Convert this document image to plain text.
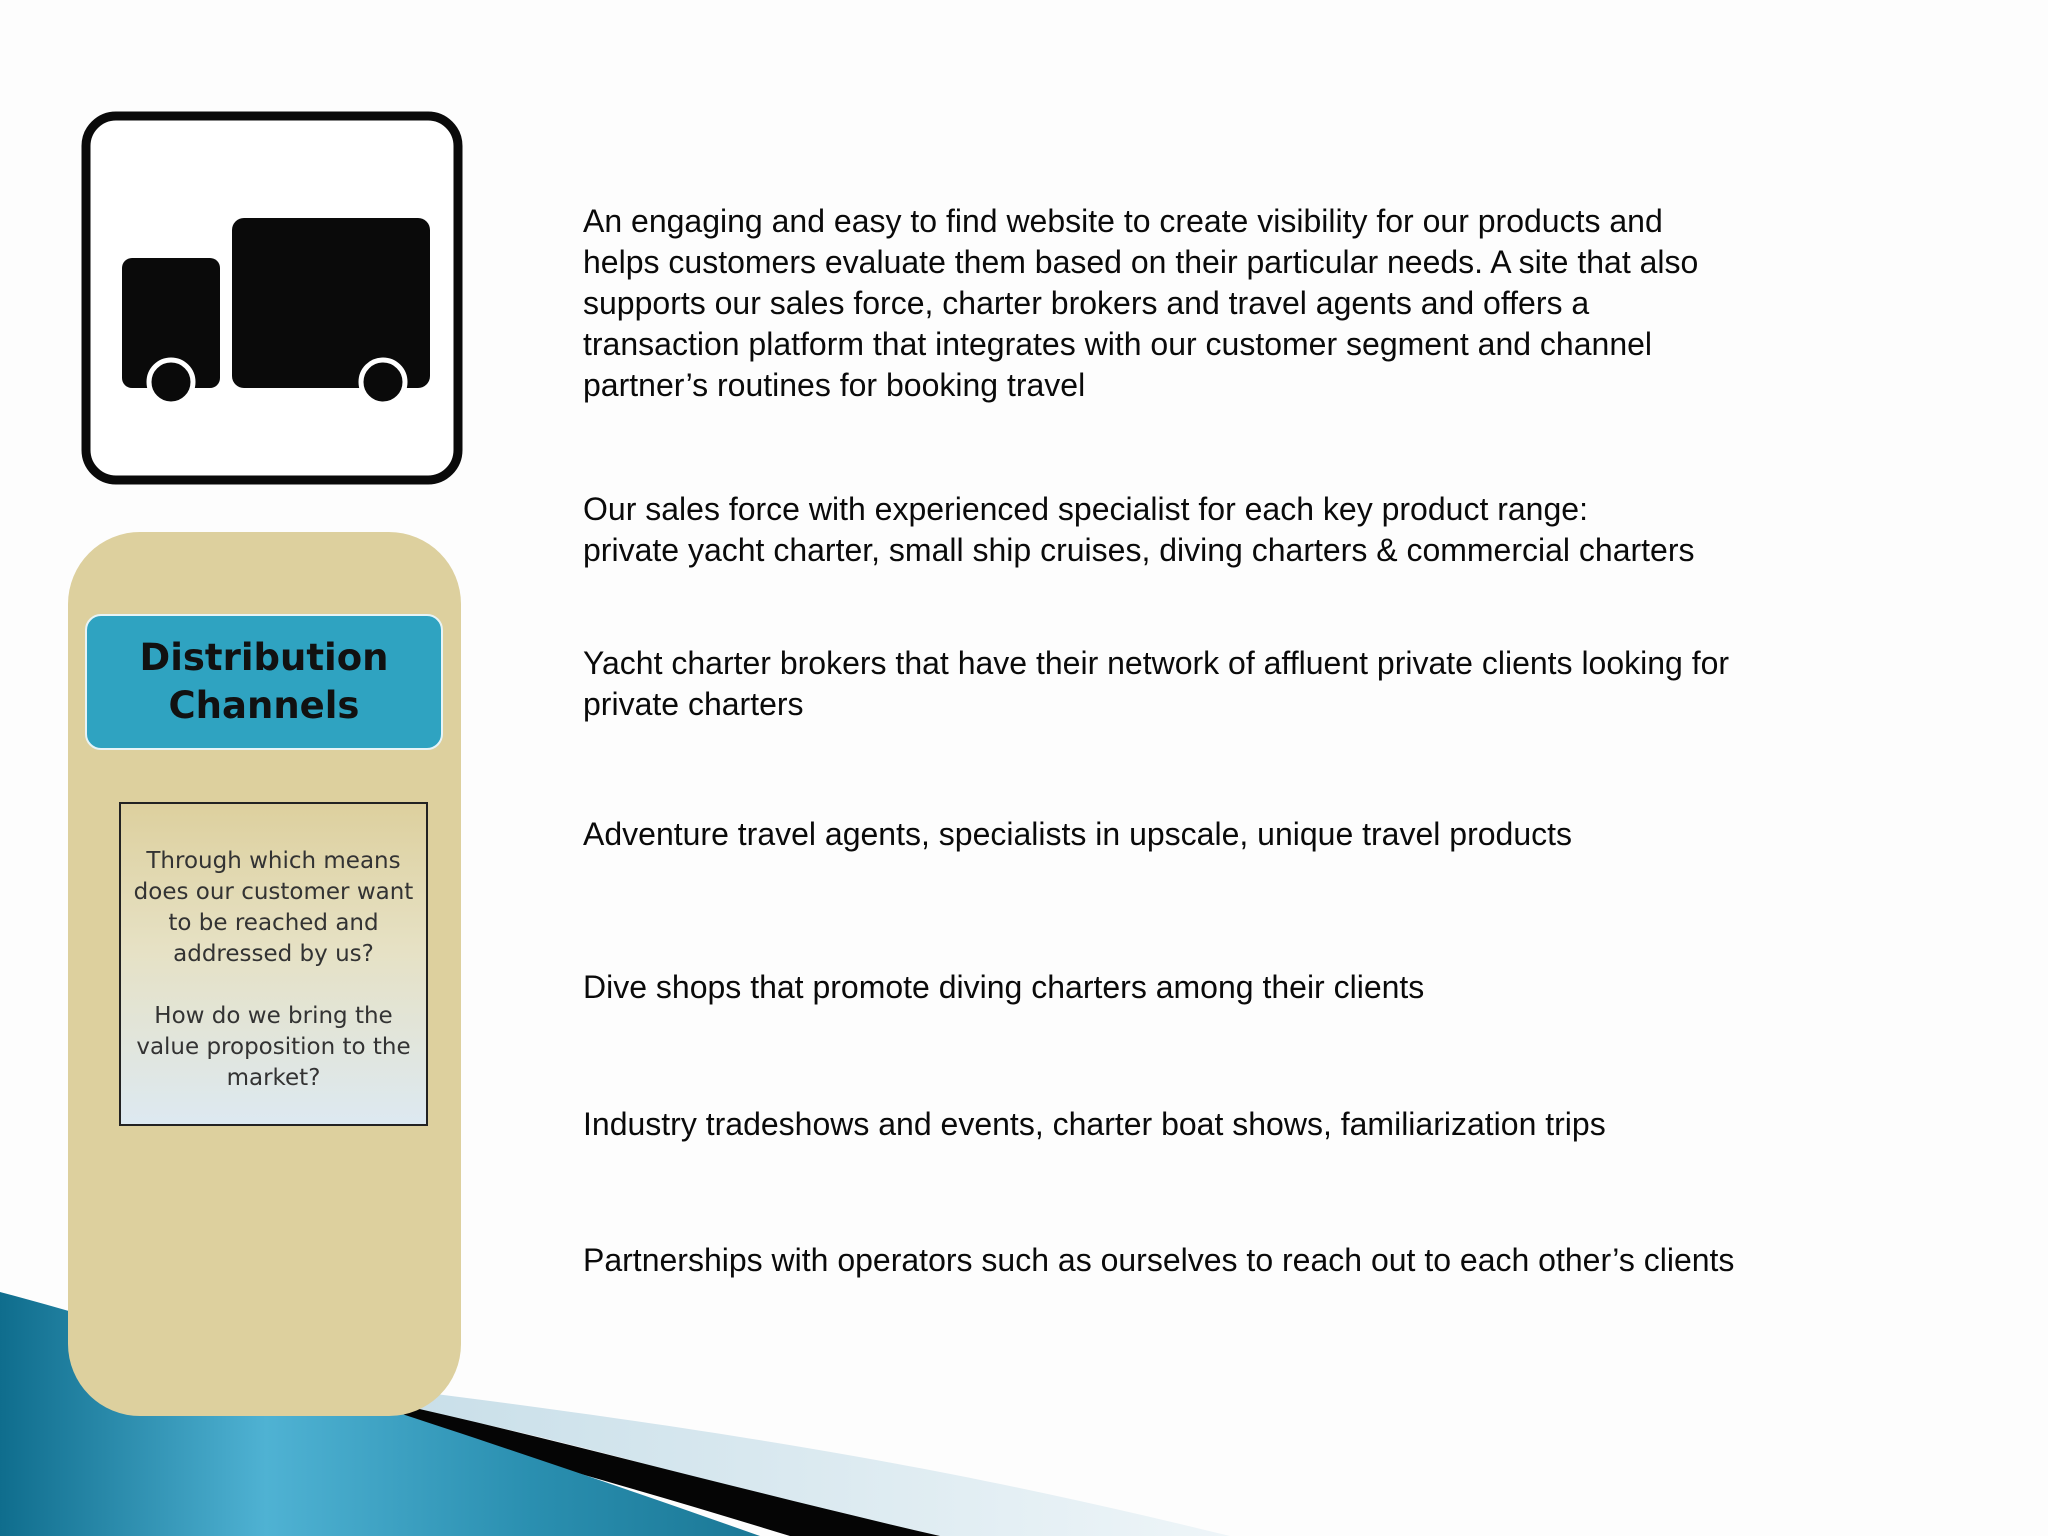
Distribution Channels

Through which means does our customer want to be reached and addressed by us?

How do we bring the value proposition to the market?

An engaging and easy to find website to create visibility for our products and
helps customers evaluate them based on their particular needs. A site that also
supports our sales force, charter brokers and travel agents and offers a
transaction platform that integrates with our customer segment and channel
partner’s routines for booking travel

Our sales force with experienced specialist for each key product range:
private yacht charter, small ship cruises, diving charters & commercial charters

Yacht charter brokers that have their network of affluent private clients looking for
private charters

Adventure travel agents, specialists in upscale, unique travel products

Dive shops that promote diving charters among their clients

Industry tradeshows and events, charter boat shows, familiarization trips

Partnerships with operators such as ourselves to reach out to each other’s clients
